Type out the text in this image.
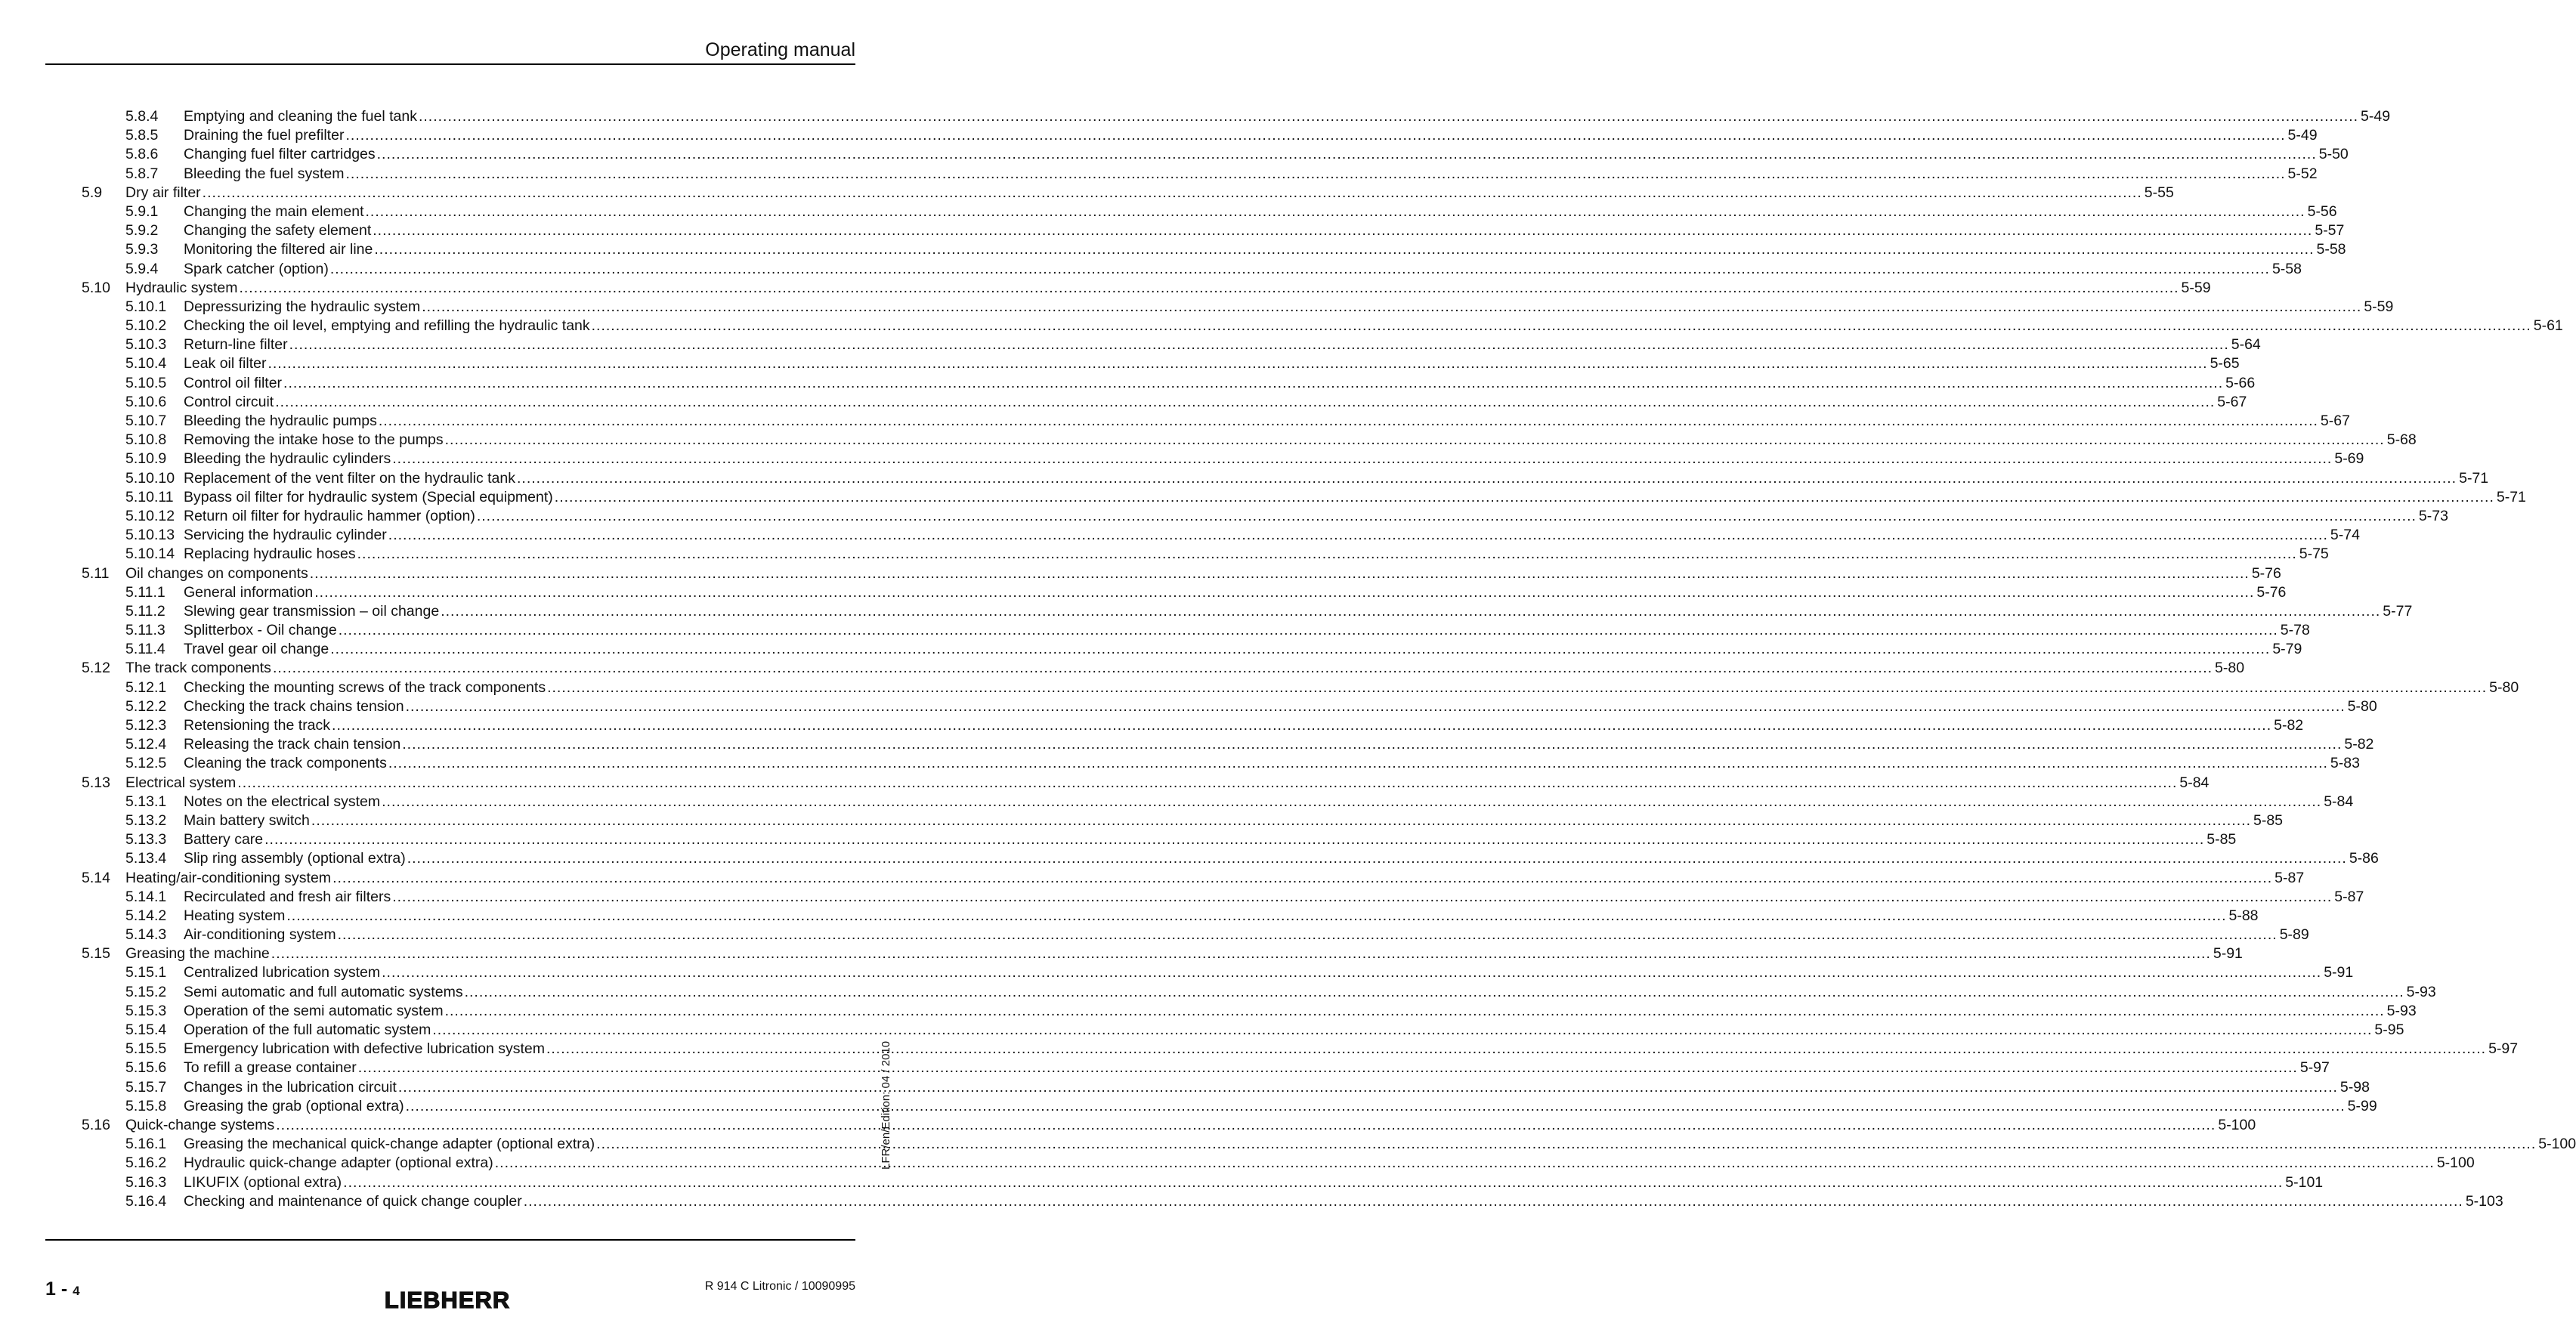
Operating manual
5.8.4	Emptying and cleaning the fuel tank ................................................................................................................................................................................................................................................................................................................................................................................................................ 5-49
5.8.5	Draining the fuel prefilter ................................................................................................................................................................................................................................................................................................................................................................................................................ 5-49
5.8.6	Changing fuel filter cartridges ................................................................................................................................................................................................................................................................................................................................................................................................................ 5-50
5.8.7	Bleeding the fuel system ................................................................................................................................................................................................................................................................................................................................................................................................................ 5-52
5.9	Dry air filter ................................................................................................................................................................................................................................................................................................................................................................................................................ 5-55
5.9.1	Changing the main element ................................................................................................................................................................................................................................................................................................................................................................................................................ 5-56
5.9.2	Changing the safety element ................................................................................................................................................................................................................................................................................................................................................................................................................ 5-57
5.9.3	Monitoring the filtered air line ................................................................................................................................................................................................................................................................................................................................................................................................................ 5-58
5.9.4	Spark catcher (option) ................................................................................................................................................................................................................................................................................................................................................................................................................ 5-58
5.10	Hydraulic system ................................................................................................................................................................................................................................................................................................................................................................................................................ 5-59
5.10.1	Depressurizing the hydraulic system ................................................................................................................................................................................................................................................................................................................................................................................................................ 5-59
5.10.2	Checking the oil level, emptying and refilling the hydraulic tank ................................................................................................................................................................................................................................................................................................................................................................................................................ 5-61
5.10.3	Return-line filter ................................................................................................................................................................................................................................................................................................................................................................................................................ 5-64
5.10.4	Leak oil filter ................................................................................................................................................................................................................................................................................................................................................................................................................ 5-65
5.10.5	Control oil filter ................................................................................................................................................................................................................................................................................................................................................................................................................ 5-66
5.10.6	Control circuit ................................................................................................................................................................................................................................................................................................................................................................................................................ 5-67
5.10.7	Bleeding the hydraulic pumps ................................................................................................................................................................................................................................................................................................................................................................................................................ 5-67
5.10.8	Removing the intake hose to the pumps ................................................................................................................................................................................................................................................................................................................................................................................................................ 5-68
5.10.9	Bleeding the hydraulic cylinders ................................................................................................................................................................................................................................................................................................................................................................................................................ 5-69
5.10.10 Replacement of the vent filter on the hydraulic tank ................................................................................................................................................................................................................................................................................................................................................................................................................ 5-71
5.10.11 Bypass oil filter for hydraulic system (Special equipment) ................................................................................................................................................................................................................................................................................................................................................................................................................ 5-71
5.10.12 Return oil filter for hydraulic hammer (option) ................................................................................................................................................................................................................................................................................................................................................................................................................ 5-73
5.10.13 Servicing the hydraulic cylinder ................................................................................................................................................................................................................................................................................................................................................................................................................ 5-74
5.10.14 Replacing hydraulic hoses ................................................................................................................................................................................................................................................................................................................................................................................................................ 5-75
5.11	Oil changes on components ................................................................................................................................................................................................................................................................................................................................................................................................................ 5-76
5.11.1	General information ................................................................................................................................................................................................................................................................................................................................................................................................................ 5-76
5.11.2	Slewing gear transmission – oil change ................................................................................................................................................................................................................................................................................................................................................................................................................ 5-77
5.11.3	Splitterbox - Oil change ................................................................................................................................................................................................................................................................................................................................................................................................................ 5-78
5.11.4	Travel gear oil change ................................................................................................................................................................................................................................................................................................................................................................................................................ 5-79
5.12	The track components ................................................................................................................................................................................................................................................................................................................................................................................................................ 5-80
5.12.1	Checking the mounting screws of the track components ................................................................................................................................................................................................................................................................................................................................................................................................................ 5-80
5.12.2	Checking the track chains tension ................................................................................................................................................................................................................................................................................................................................................................................................................ 5-80
5.12.3	Retensioning the track ................................................................................................................................................................................................................................................................................................................................................................................................................ 5-82
5.12.4	Releasing the track chain tension ................................................................................................................................................................................................................................................................................................................................................................................................................ 5-82
5.12.5	Cleaning the track components ................................................................................................................................................................................................................................................................................................................................................................................................................ 5-83
5.13	Electrical system ................................................................................................................................................................................................................................................................................................................................................................................................................ 5-84
5.13.1	Notes on the electrical system ................................................................................................................................................................................................................................................................................................................................................................................................................ 5-84
5.13.2	Main battery switch ................................................................................................................................................................................................................................................................................................................................................................................................................ 5-85
5.13.3	Battery care ................................................................................................................................................................................................................................................................................................................................................................................................................ 5-85
5.13.4	Slip ring assembly (optional extra) ................................................................................................................................................................................................................................................................................................................................................................................................................ 5-86
5.14	Heating/air-conditioning system ................................................................................................................................................................................................................................................................................................................................................................................................................ 5-87
5.14.1	Recirculated and fresh air filters ................................................................................................................................................................................................................................................................................................................................................................................................................ 5-87
5.14.2	Heating system ................................................................................................................................................................................................................................................................................................................................................................................................................ 5-88
5.14.3	Air-conditioning system ................................................................................................................................................................................................................................................................................................................................................................................................................ 5-89
5.15	Greasing the machine ................................................................................................................................................................................................................................................................................................................................................................................................................ 5-91
5.15.1	Centralized lubrication system ................................................................................................................................................................................................................................................................................................................................................................................................................ 5-91
5.15.2	Semi automatic and full automatic systems ................................................................................................................................................................................................................................................................................................................................................................................................................ 5-93
5.15.3	Operation of the semi automatic system ................................................................................................................................................................................................................................................................................................................................................................................................................ 5-93
5.15.4	Operation of the full automatic system ................................................................................................................................................................................................................................................................................................................................................................................................................ 5-95
5.15.5	Emergency lubrication with defective lubrication system ................................................................................................................................................................................................................................................................................................................................................................................................................ 5-97
5.15.6	To refill a grease container ................................................................................................................................................................................................................................................................................................................................................................................................................ 5-97
5.15.7	Changes in the lubrication circuit ................................................................................................................................................................................................................................................................................................................................................................................................................ 5-98
5.15.8	Greasing the grab (optional extra) ................................................................................................................................................................................................................................................................................................................................................................................................................ 5-99
5.16	Quick-change systems ................................................................................................................................................................................................................................................................................................................................................................................................................ 5-100
5.16.1	Greasing the mechanical quick-change adapter (optional extra) ................................................................................................................................................................................................................................................................................................................................................................................................................ 5-100
5.16.2	Hydraulic quick-change adapter (optional extra) ................................................................................................................................................................................................................................................................................................................................................................................................................ 5-100
5.16.3	LIKUFIX (optional extra) ................................................................................................................................................................................................................................................................................................................................................................................................................ 5-101
5.16.4	Checking and maintenance of quick change coupler ................................................................................................................................................................................................................................................................................................................................................................................................................ 5-103
LFR/en/Edition: 04 / 2010
1 - 4	LIEBHERR
R 914 C Litronic / 10090995
